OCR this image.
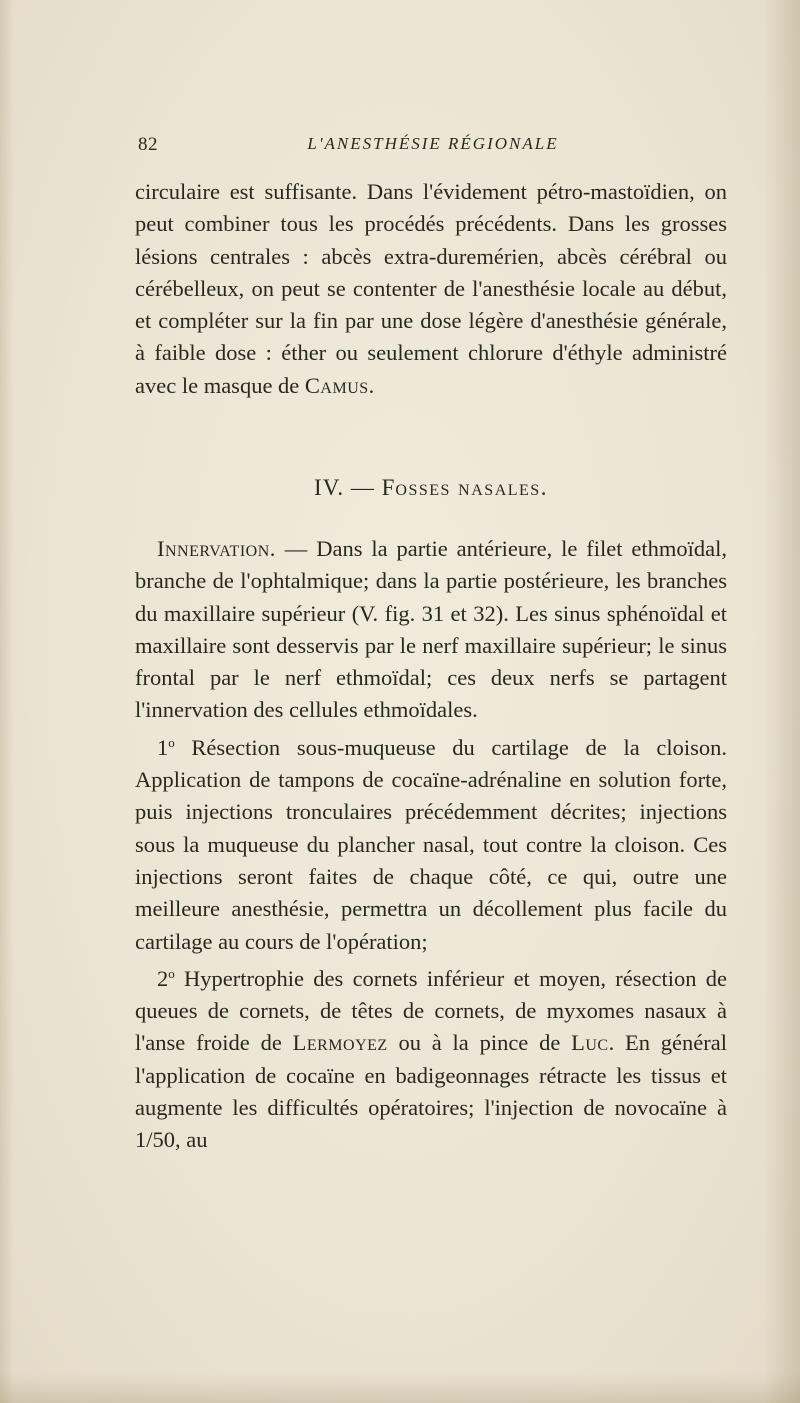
82	L'ANESTHÉSIE RÉGIONALE

circulaire est suffisante. Dans l'évidement pétro-mastoïdien, on peut combiner tous les procédés précédents. Dans les grosses lésions centrales : abcès extra-duremérien, abcès cérébral ou cérébelleux, on peut se contenter de l'anesthésie locale au début, et compléter sur la fin par une dose légère d'anesthésie générale, à faible dose : éther ou seulement chlorure d'éthyle administré avec le masque de Camus.

IV. — Fosses nasales.

Innervation. — Dans la partie antérieure, le filet ethmoïdal, branche de l'ophtalmique; dans la partie postérieure, les branches du maxillaire supérieur (V. fig. 31 et 32). Les sinus sphénoïdal et maxillaire sont desservis par le nerf maxillaire supérieur; le sinus frontal par le nerf ethmoïdal; ces deux nerfs se partagent l'innervation des cellules ethmoïdales.

1$^o$ Résection sous-muqueuse du cartilage de la cloison. Application de tampons de cocaïne-adrénaline en solution forte, puis injections tronculaires précédemment décrites; injections sous la muqueuse du plancher nasal, tout contre la cloison. Ces injections seront faites de chaque côté, ce qui, outre une meilleure anesthésie, permettra un décollement plus facile du cartilage au cours de l'opération;

2$^o$ Hypertrophie des cornets inférieur et moyen, résection de queues de cornets, de têtes de cornets, de myxomes nasaux à l'anse froide de Lermoyez ou à la pince de Luc. En général l'application de cocaïne en badigeonnages rétracte les tissus et augmente les difficultés opératoires; l'injection de novocaïne à 1/50, au
